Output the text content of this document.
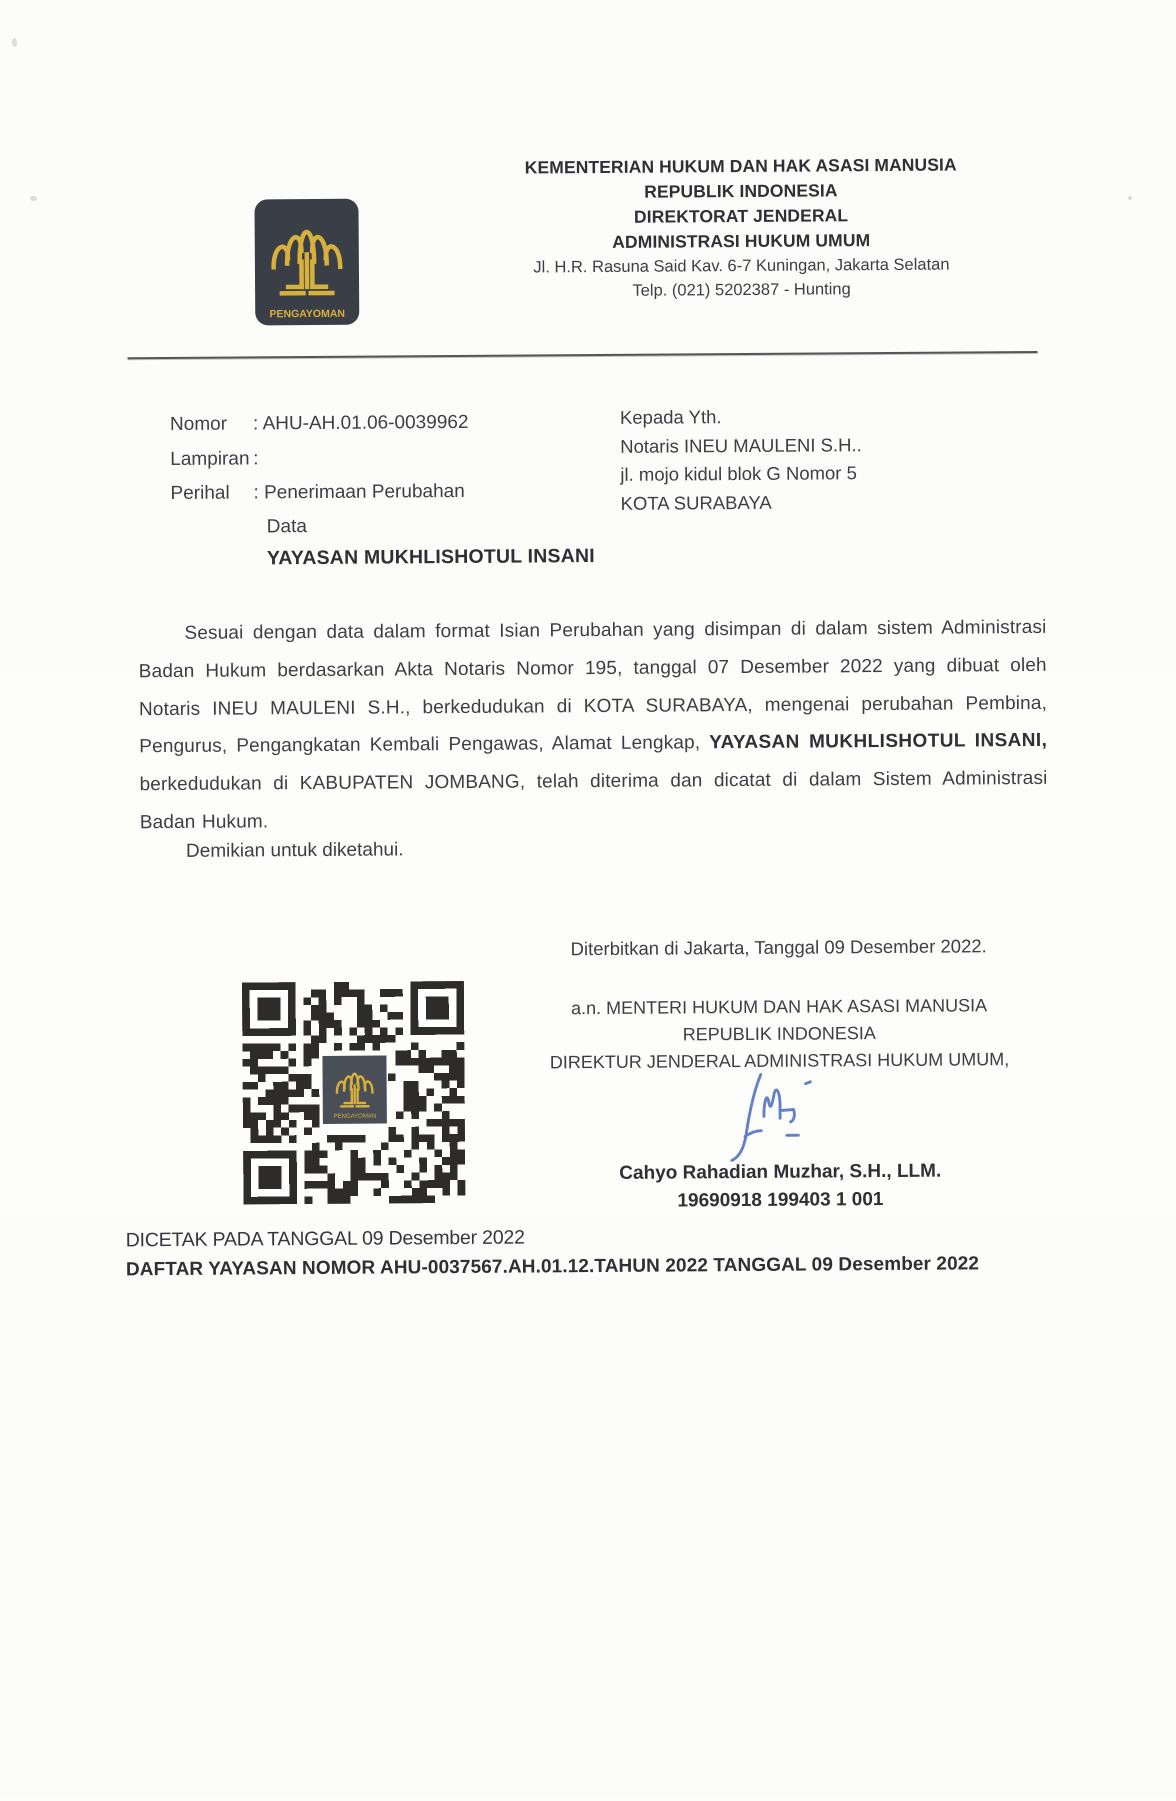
PENGAYOMAN
KEMENTERIAN HUKUM DAN HAK ASASI MANUSIA
REPUBLIK INDONESIA
DIREKTORAT JENDERAL
ADMINISTRASI HUKUM UMUM
Jl. H.R. Rasuna Said Kav. 6-7 Kuningan, Jakarta Selatan
Telp. (021) 5202387 - Hunting
Nomor	: AHU-AH.01.06-0039962
Lampiran :
Perihal	: Penerimaan Perubahan
Data
YAYASAN MUKHLISHOTUL INSANI
Kepada Yth.
Notaris INEU MAULENI S.H..
jl. mojo kidul blok G Nomor 5
KOTA SURABAYA
Sesuai dengan data dalam format Isian Perubahan yang disimpan di dalam sistem Administrasi Badan Hukum berdasarkan Akta Notaris Nomor 195, tanggal 07 Desember 2022 yang dibuat oleh Notaris INEU MAULENI S.H., berkedudukan di KOTA SURABAYA, mengenai perubahan Pembina, Pengurus, Pengangkatan Kembali Pengawas, Alamat Lengkap, YAYASAN MUKHLISHOTUL INSANI, berkedudukan di KABUPATEN JOMBANG, telah diterima dan dicatat di dalam Sistem Administrasi Badan Hukum.
Demikian untuk diketahui.
Diterbitkan di Jakarta, Tanggal 09 Desember 2022.
a.n. MENTERI HUKUM DAN HAK ASASI MANUSIA
REPUBLIK INDONESIA
DIREKTUR JENDERAL ADMINISTRASI HUKUM UMUM,
Cahyo Rahadian Muzhar, S.H., LLM.
19690918 199403 1 001
PENGAYOMAN
DICETAK PADA TANGGAL 09 Desember 2022
DAFTAR YAYASAN NOMOR AHU-0037567.AH.01.12.TAHUN 2022 TANGGAL 09 Desember 2022
